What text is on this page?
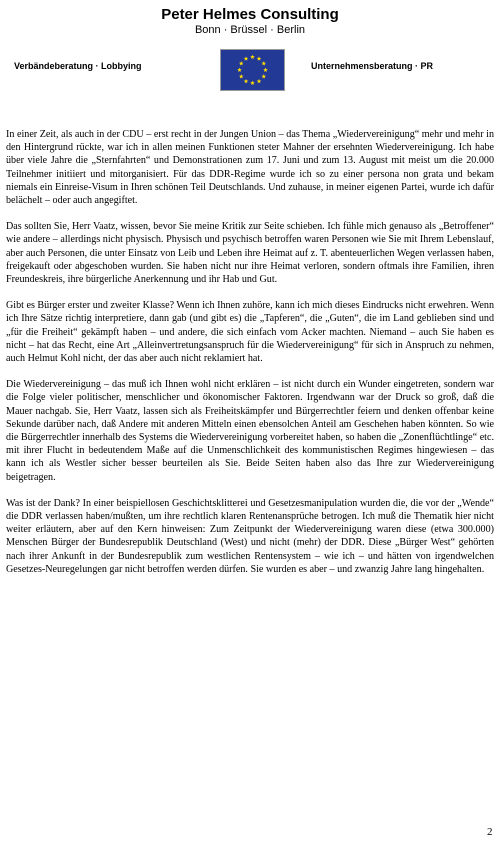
Peter Helmes Consulting
Bonn · Brüssel · Berlin
Verbändeberatung · Lobbying	Unternehmensberatung · PR

In einer Zeit, als auch in der CDU – erst recht in der Jungen Union – das Thema „Wiedervereinigung“ mehr und mehr in den Hintergrund rückte, war ich in allen meinen Funktionen steter Mahner der ersehnten Wiedervereinigung. Ich habe über viele Jahre die „Sternfahrten“ und Demonstrationen zum 17. Juni und zum 13. August mit meist um die 20.000 Teilnehmer initiiert und mitorganisiert. Für das DDR-Regime wurde ich so zu einer persona non grata und bekam niemals ein Einreise-Visum in Ihren schönen Teil Deutschlands. Und zuhause, in meiner eigenen Partei, wurde ich dafür belächelt – oder auch angegiftet.

Das sollten Sie, Herr Vaatz, wissen, bevor Sie meine Kritik zur Seite schieben. Ich fühle mich genauso als „Betroffener“ wie andere – allerdings nicht physisch. Physisch und psychisch betroffen waren Personen wie Sie mit Ihrem Lebenslauf, aber auch Personen, die unter Einsatz von Leib und Leben ihre Heimat auf z. T. abenteuerlichen Wegen verlassen haben, freigekauft oder abgeschoben wurden. Sie haben nicht nur ihre Heimat verloren, sondern oftmals ihre Familien, ihren Freundeskreis, ihre bürgerliche Anerkennung und ihr Hab und Gut.

Gibt es Bürger erster und zweiter Klasse? Wenn ich Ihnen zuhöre, kann ich mich dieses Eindrucks nicht erwehren. Wenn ich Ihre Sätze richtig interpretiere, dann gab (und gibt es) die „Tapferen“, die „Guten“, die im Land geblieben sind und „für die Freiheit“ gekämpft haben – und andere, die sich einfach vom Acker machten. Niemand – auch Sie haben es nicht – hat das Recht, eine Art „Alleinvertretungsanspruch für die Wiedervereinigung“ für sich in Anspruch zu nehmen, auch Helmut Kohl nicht, der das aber auch nicht reklamiert hat.

Die Wiedervereinigung – das muß ich Ihnen wohl nicht erklären – ist nicht durch ein Wunder eingetreten, sondern war die Folge vieler politischer, menschlicher und ökonomischer Faktoren. Irgendwann war der Druck so groß, daß die Mauer nachgab. Sie, Herr Vaatz, lassen sich als Freiheitskämpfer und Bürgerrechtler feiern und denken offenbar keine Sekunde darüber nach, daß Andere mit anderen Mitteln einen ebensolchen Anteil am Geschehen haben könnten. So wie die Bürgerrechtler innerhalb des Systems die Wiedervereinigung vorbereitet haben, so haben die „Zonenflüchtlinge“ etc. mit ihrer Flucht in bedeutendem Maße auf die Unmenschlichkeit des kommunistischen Regimes hingewiesen – das kann ich als Westler sicher besser beurteilen als Sie. Beide Seiten haben also das Ihre zur Wiedervereinigung beigetragen.

Was ist der Dank? In einer beispiellosen Geschichtsklitterei und Gesetzesmanipulation wurden die, die vor der „Wende“ die DDR verlassen haben/mußten, um ihre rechtlich klaren Rentenansprüche betrogen. Ich muß die Thematik hier nicht weiter erläutern, aber auf den Kern hinweisen: Zum Zeitpunkt der Wiedervereinigung waren diese (etwa 300.000) Menschen Bürger der Bundesrepublik Deutschland (West) und nicht (mehr) der DDR. Diese „Bürger West“ gehörten nach ihrer Ankunft in der Bundesrepublik zum westlichen Rentensystem – wie ich – und hätten von irgendwelchen Gesetzes-Neuregelungen gar nicht betroffen werden dürfen. Sie wurden es aber – und zwanzig Jahre lang hingehalten.

2
